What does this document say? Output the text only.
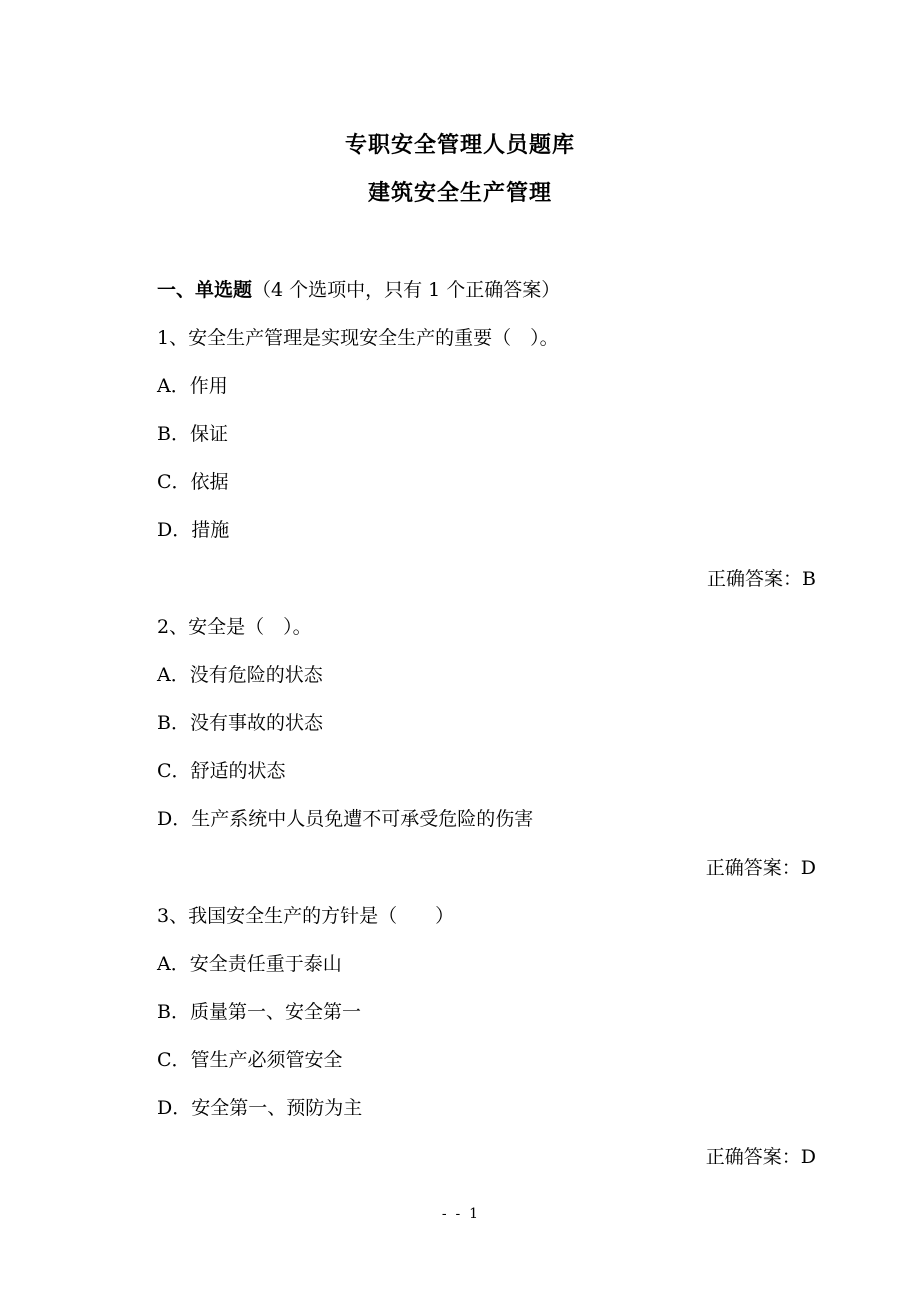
专职安全管理人员题库
建筑安全生产管理
一、单选题（4 个选项中，只有 1 个正确答案）
1、安全生产管理是实现安全生产的重要（　）。
A．作用
B．保证
C．依据
D．措施
正确答案：B
2、安全是（　）。
A．没有危险的状态
B．没有事故的状态
C．舒适的状态
D．生产系统中人员免遭不可承受危险的伤害
正确答案：D
3、我国安全生产的方针是（　　）
A．安全责任重于泰山
B．质量第一、安全第一
C．管生产必须管安全
D．安全第一、预防为主
正确答案：D
-  -  1
